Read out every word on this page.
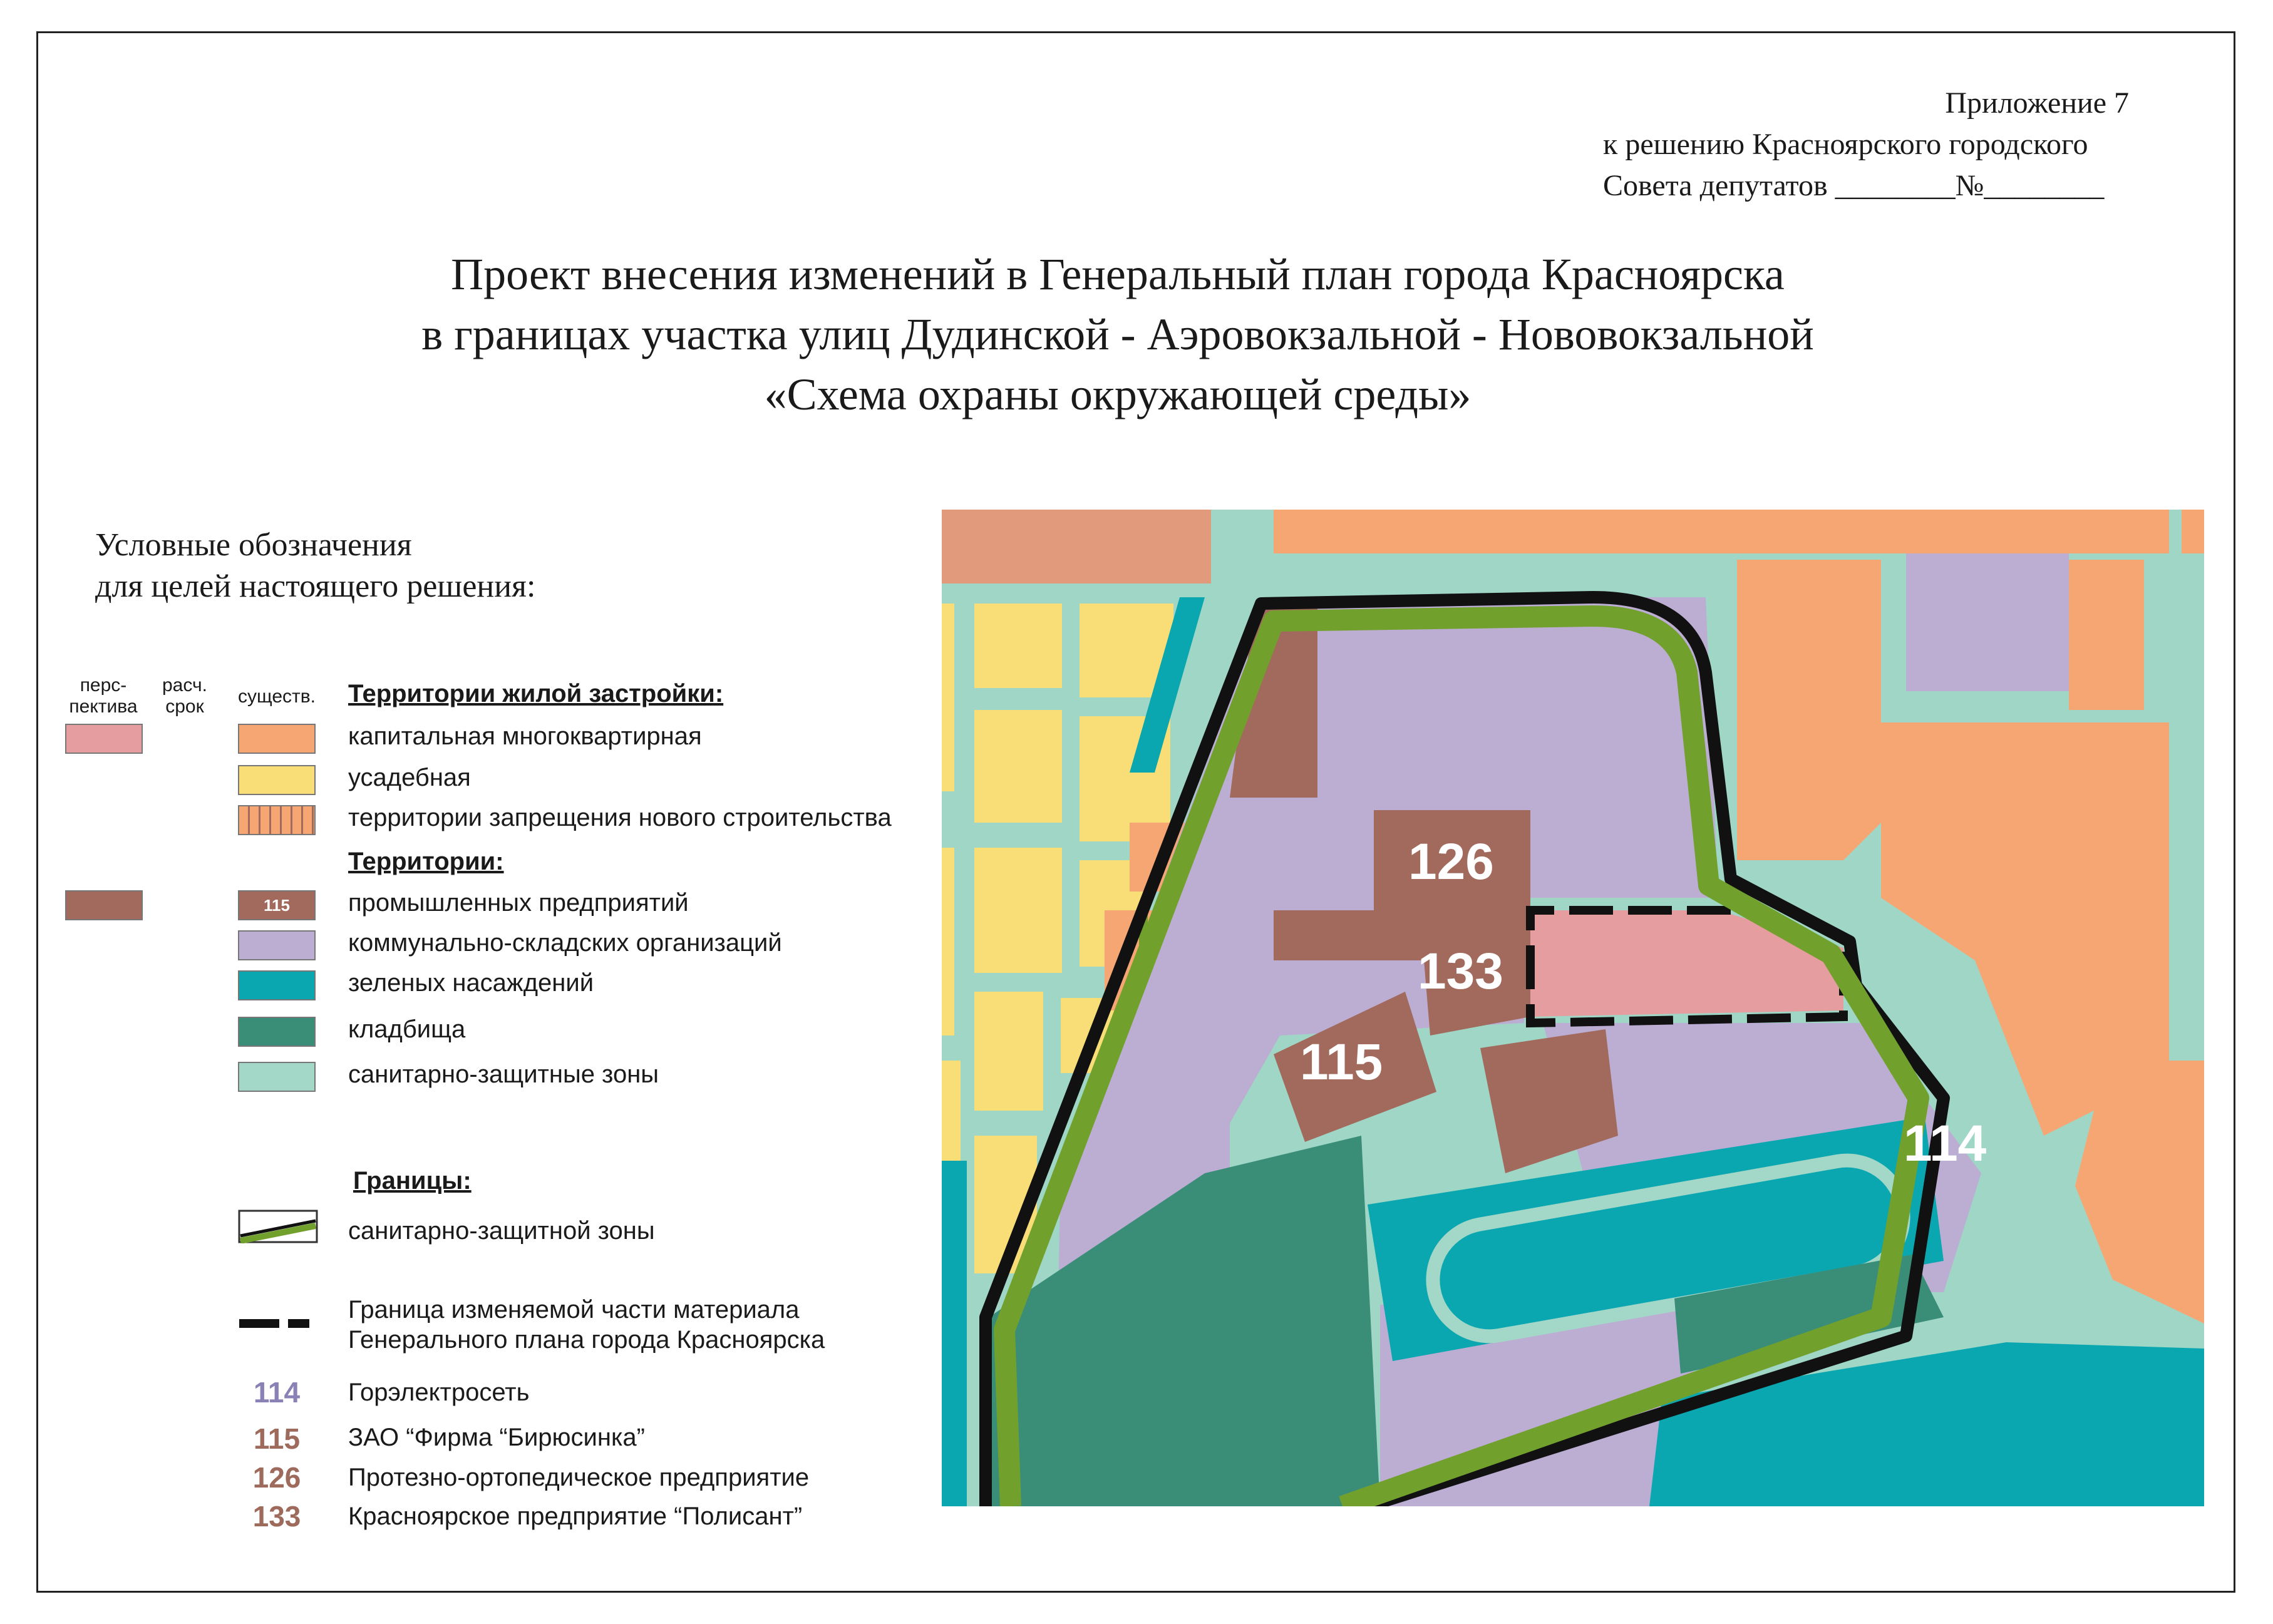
Приложение 7
к решению Красноярского городского
Совета депутатов ________№________
Проект внесения изменений в Генеральный план города Красноярска
в границах участка улиц Дудинской - Аэровокзальной - Нововокзальной
«Схема охраны окружающей среды»
Условные обозначения
для целей настоящего решения:
перс-
пектива
расч.
срок	существ. Территории жилой застройки:
капитальная многоквартирная
усадебная
территории запрещения нового строительства
Территории:
115	промышленных предприятий
коммунально-складских организаций
зеленых насаждений
кладбища
санитарно-защитные зоны
Границы:
санитарно-защитной зоны
Граница изменяемой части материала
Генерального плана города Красноярска
114	Горэлектросеть
115	ЗАО “Фирма “Бирюсинка”
126	Протезно-ортопедическое предприятие
133	Красноярское предприятие “Полисант”
126
133
115
114
